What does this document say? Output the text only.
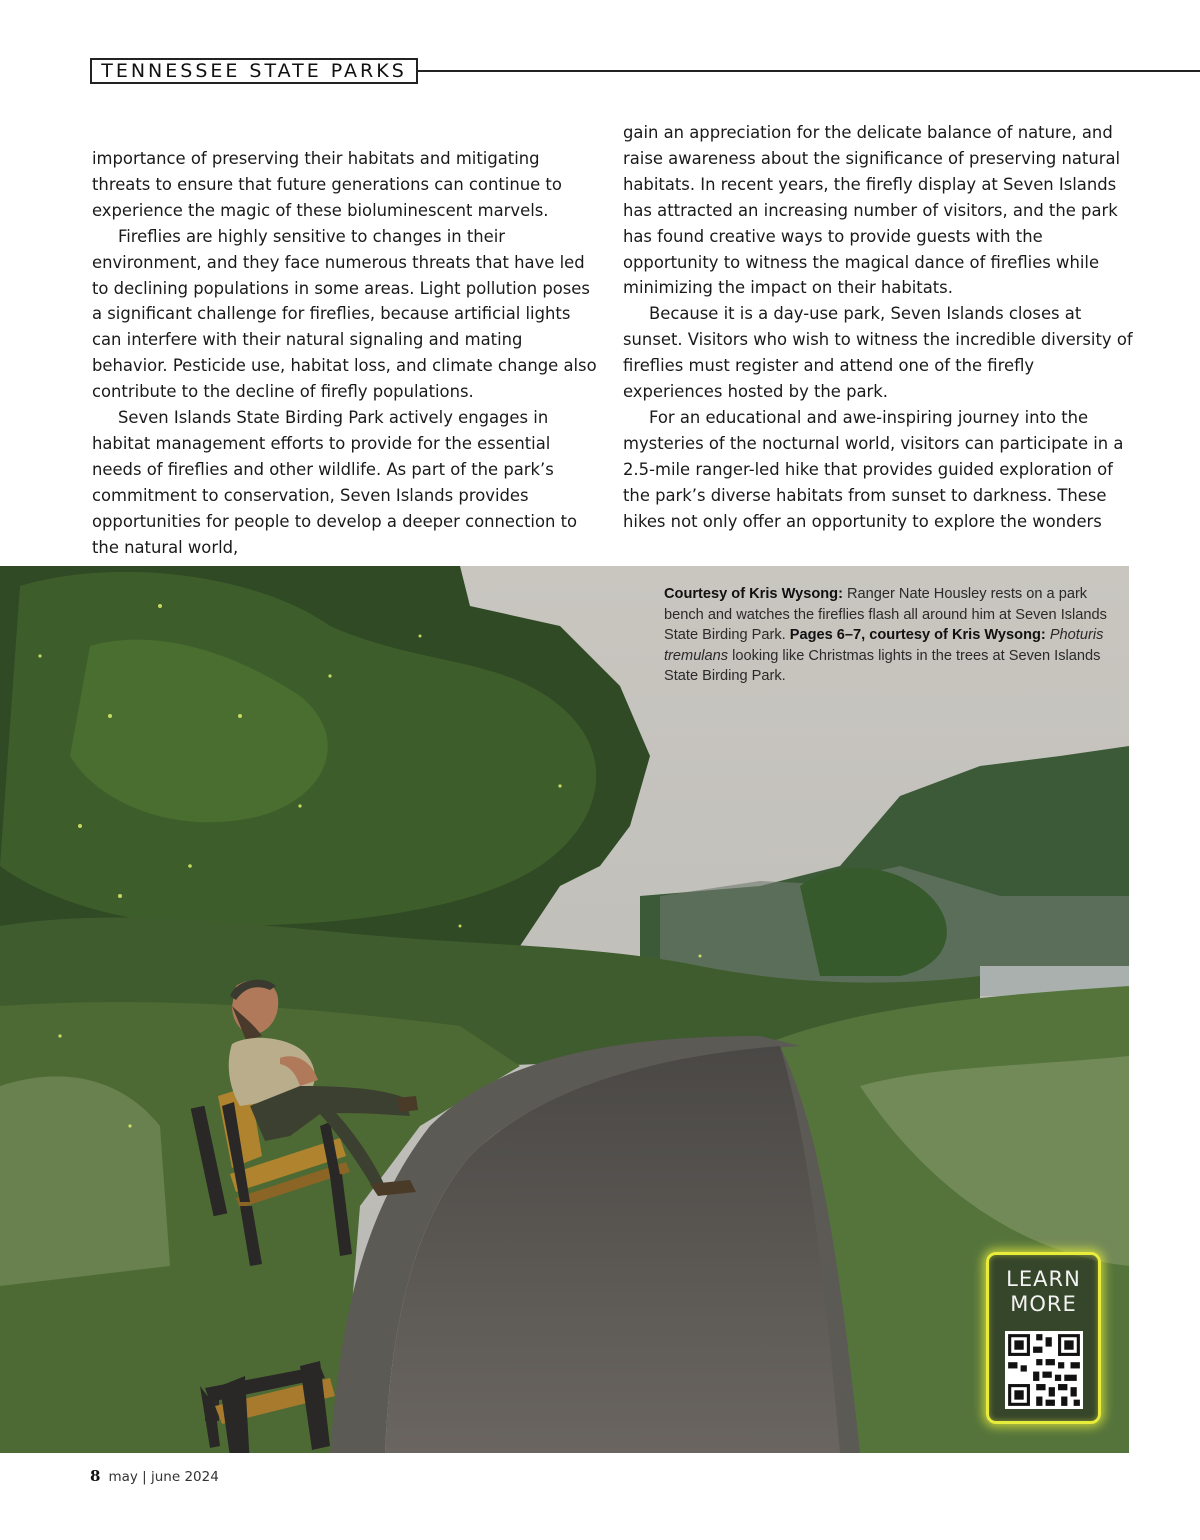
TENNESSEE STATE PARKS

importance of preserving their habitats and mitigating threats to ensure that future generations can continue to experience the magic of these bioluminescent marvels.

Fireflies are highly sensitive to changes in their environment, and they face numerous threats that have led to declining populations in some areas. Light pollution poses a significant challenge for fireflies, because artificial lights can interfere with their natural signaling and mating behavior. Pesticide use, habitat loss, and climate change also contribute to the decline of firefly populations.

Seven Islands State Birding Park actively engages in habitat management efforts to provide for the essential needs of fireflies and other wildlife. As part of the park’s commitment to conservation, Seven Islands provides opportunities for people to develop a deeper connection to the natural world,

gain an appreciation for the delicate balance of nature, and raise awareness about the significance of preserving natural habitats. In recent years, the firefly display at Seven Islands has attracted an increasing number of visitors, and the park has found creative ways to provide guests with the opportunity to witness the magical dance of fireflies while minimizing the impact on their habitats.

Because it is a day-use park, Seven Islands closes at sunset. Visitors who wish to witness the incredible diversity of fireflies must register and attend one of the firefly experiences hosted by the park.

For an educational and awe-inspiring journey into the mysteries of the nocturnal world, visitors can participate in a 2.5-mile ranger-led hike that provides guided exploration of the park’s diverse habitats from sunset to darkness. These hikes not only offer an opportunity to explore the wonders

Courtesy of Kris Wysong: Ranger Nate Housley rests on a park bench and watches the fireflies flash all around him at Seven Islands State Birding Park. Pages 6–7, courtesy of Kris Wysong: Photuris tremulans looking like Christmas lights in the trees at Seven Islands State Birding Park.
LEARN
MORE
8 may | june 2024
